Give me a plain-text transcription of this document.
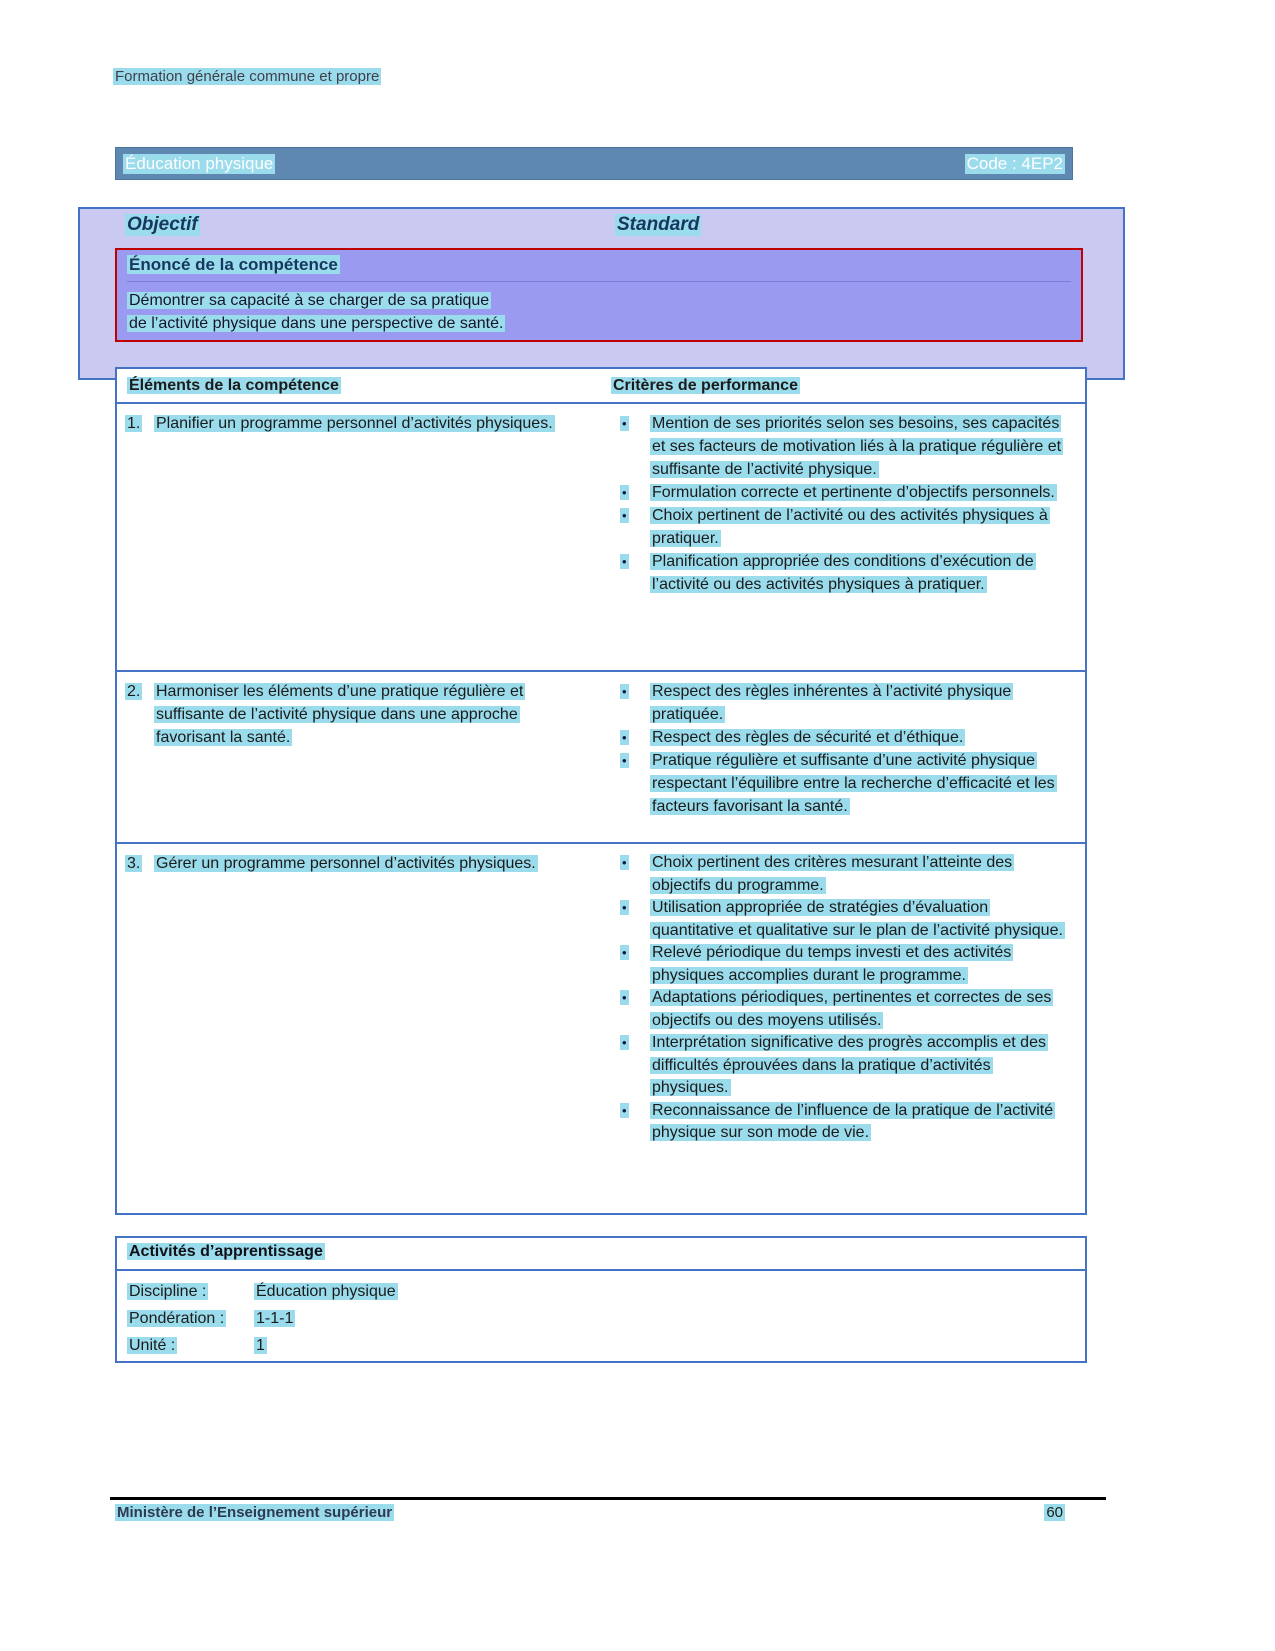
Formation générale commune et propre
Éducation physique	Code : 4EP2
Objectif	Standard
Énoncé de la compétence
Démontrer sa capacité à se charger de sa pratique
de l’activité physique dans une perspective de santé.
Éléments de la compétence	Critères de performance
1. Planifier un programme personnel d’activités physiques.	•	Mention de ses priorités selon ses besoins, ses capacités et ses facteurs de motivation liés à la pratique régulière et suffisante de l’activité physique.
•	Formulation correcte et pertinente d’objectifs personnels.
•	Choix pertinent de l’activité ou des activités physiques à pratiquer.
•	Planification appropriée des conditions d’exécution de l’activité ou des activités physiques à pratiquer.
2. Harmoniser les éléments d’une pratique régulière et suffisante de l’activité physique dans une approche favorisant la santé.
•	Respect des règles inhérentes à l’activité physique pratiquée.
•	Respect des règles de sécurité et d’éthique.
•	Pratique régulière et suffisante d’une activité physique respectant l’équilibre entre la recherche d’efficacité et les facteurs favorisant la santé.
3. Gérer un programme personnel d’activités physiques.	•	Choix pertinent des critères mesurant l’atteinte des objectifs du programme.
•	Utilisation appropriée de stratégies d’évaluation quantitative et qualitative sur le plan de l’activité physique.
•	Relevé périodique du temps investi et des activités physiques accomplies durant le programme.
•	Adaptations périodiques, pertinentes et correctes de ses objectifs ou des moyens utilisés.
•	Interprétation significative des progrès accomplis et des difficultés éprouvées dans la pratique d’activités physiques.
•	Reconnaissance de l’influence de la pratique de l’activité physique sur son mode de vie.
Activités d’apprentissage
Discipline :	Éducation physique
Pondération :	1-1-1
Unité :	1
Ministère de l’Enseignement supérieur	60
